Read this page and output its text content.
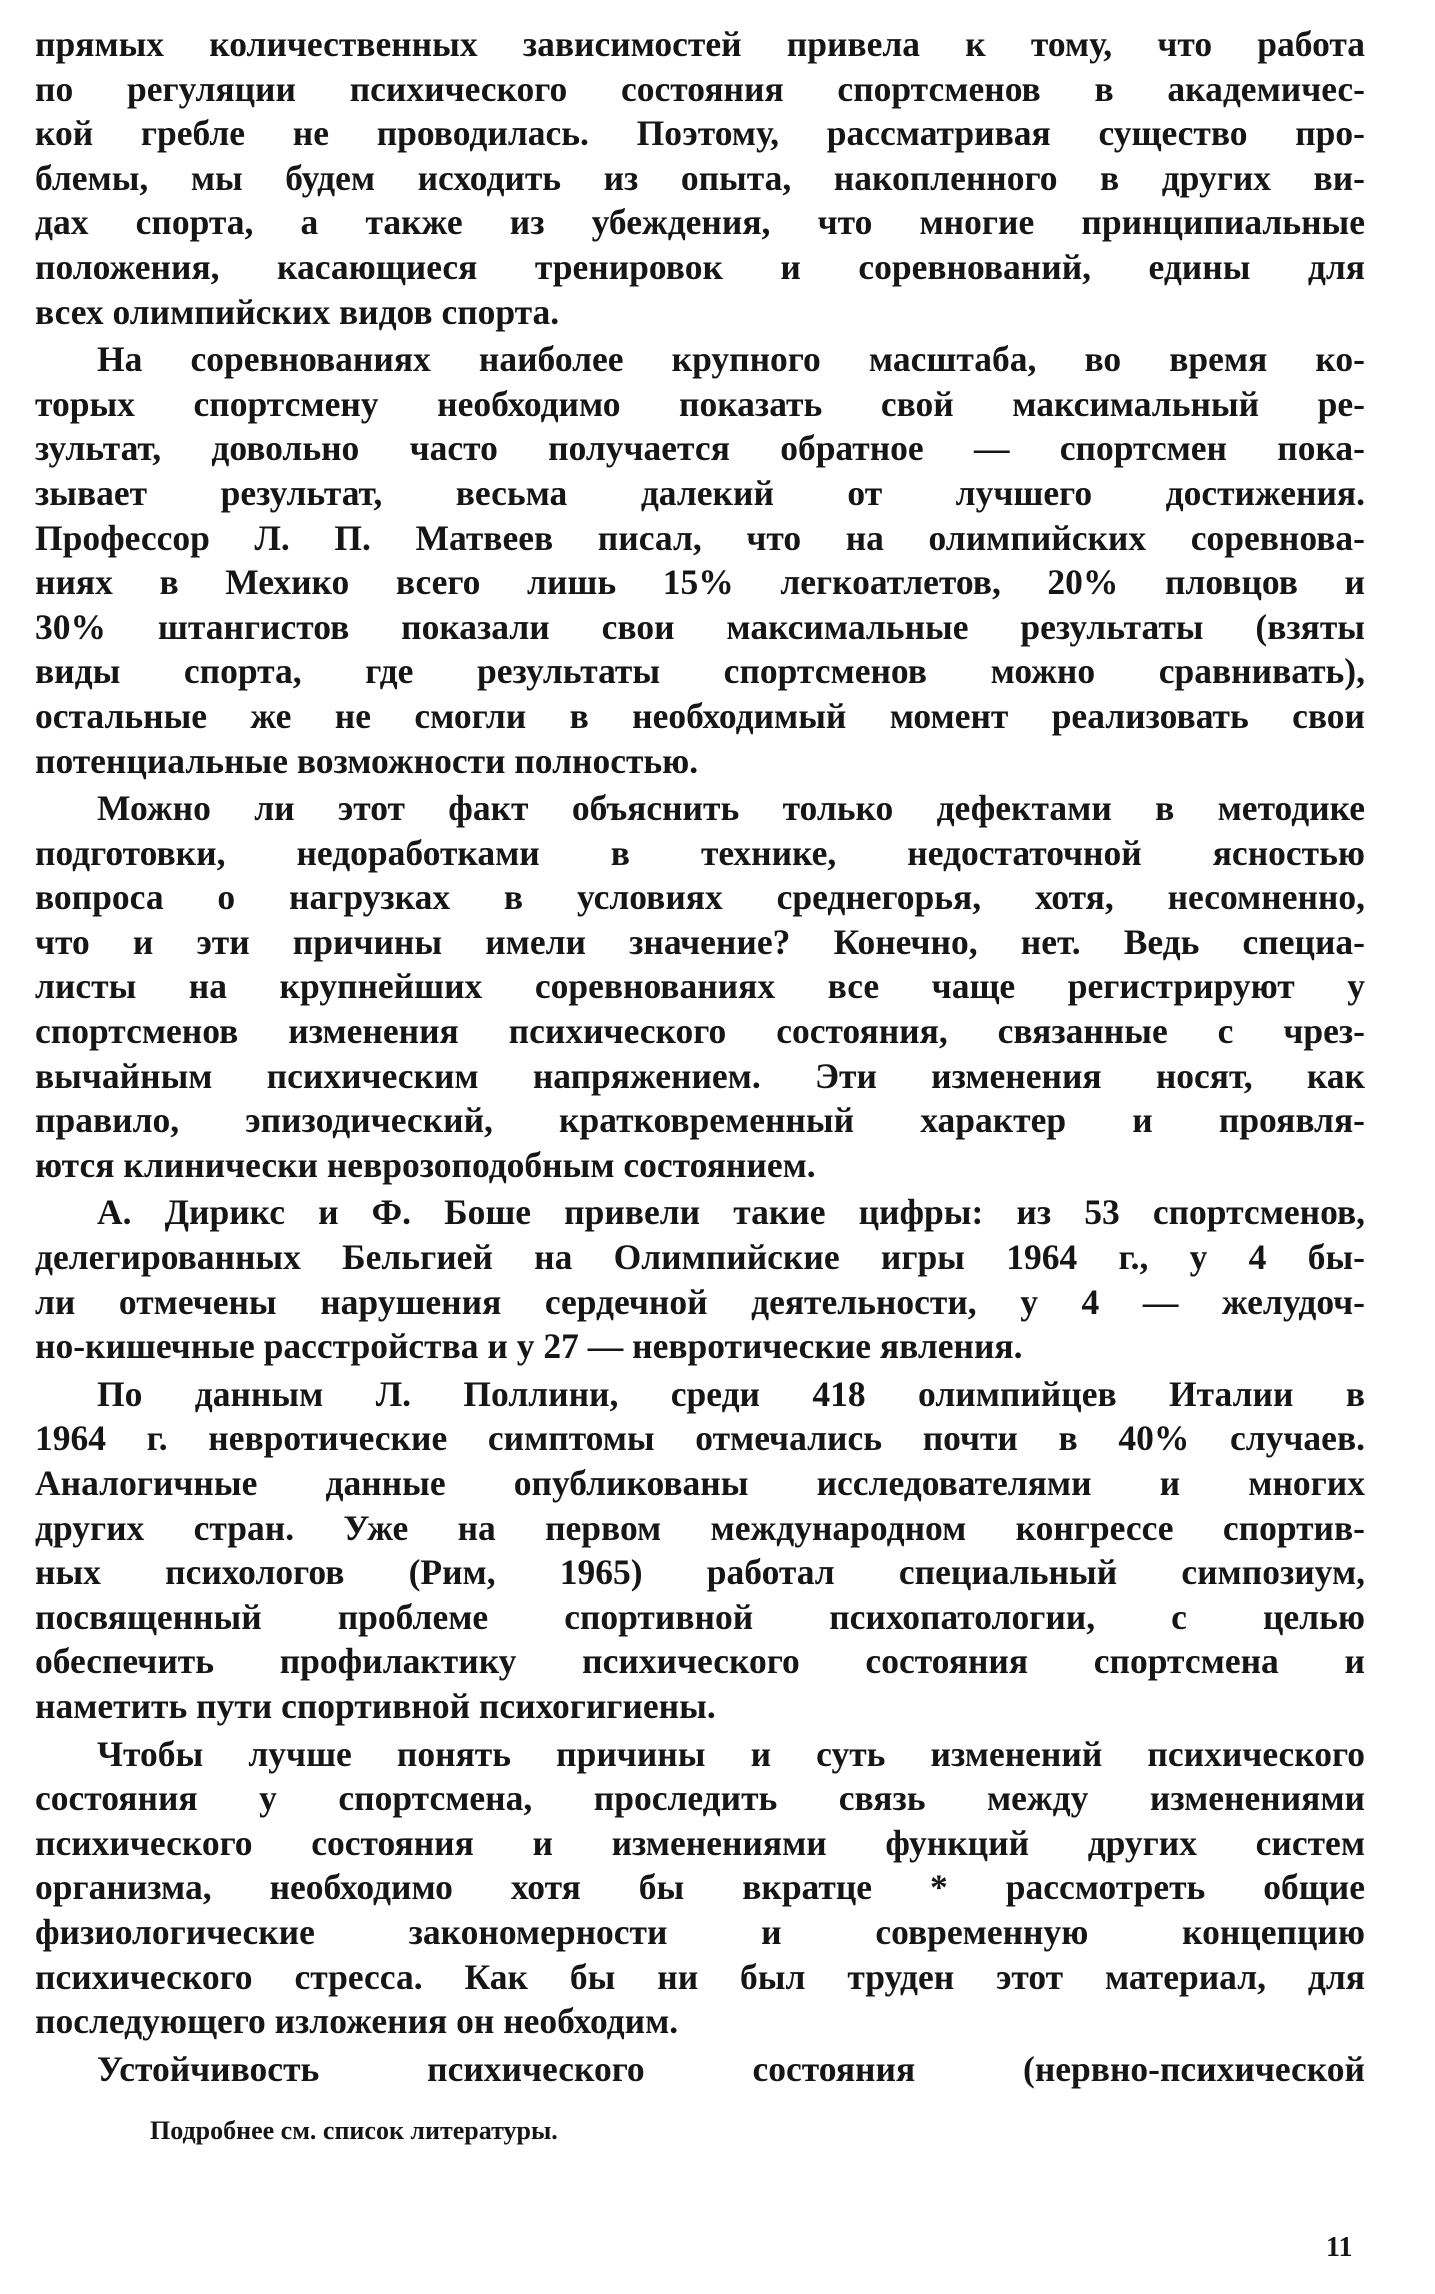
прямых количественных зависимостей привела к тому, что работа
по регуляции психического состояния спортсменов в академичес-
кой гребле не проводилась. Поэтому, рассматривая существо про-
блемы, мы будем исходить из опыта, накопленного в других ви-
дах спорта, а также из убеждения, что многие принципиальные
положения, касающиеся тренировок и соревнований, едины для
всех олимпийских видов спорта.

На соревнованиях наиболее крупного масштаба, во время ко-
торых спортсмену необходимо показать свой максимальный ре-
зультат, довольно часто получается обратное — спортсмен пока-
зывает результат, весьма далекий от лучшего достижения.
Профессор Л. П. Матвеев писал, что на олимпийских соревнова-
ниях в Мехико всего лишь 15% легкоатлетов, 20% пловцов и
30% штангистов показали свои максимальные результаты (взяты
виды спорта, где результаты спортсменов можно сравнивать),
остальные же не смогли в необходимый момент реализовать свои
потенциальные возможности полностью.

Можно ли этот факт объяснить только дефектами в методике
подготовки, недоработками в технике, недостаточной ясностью
вопроса о нагрузках в условиях среднегорья, хотя, несомненно,
что и эти причины имели значение? Конечно, нет. Ведь специа-
листы на крупнейших соревнованиях все чаще регистрируют у
спортсменов изменения психического состояния, связанные с чрез-
вычайным психическим напряжением. Эти изменения носят, как
правило, эпизодический, кратковременный характер и проявля-
ются клинически неврозоподобным состоянием.

А. Дирикс и Ф. Боше привели такие цифры: из 53 спортсменов,
делегированных Бельгией на Олимпийские игры 1964 г., у 4 бы-
ли отмечены нарушения сердечной деятельности, у 4 — желудоч-
но-кишечные расстройства и у 27 — невротические явления.

По данным Л. Поллини, среди 418 олимпийцев Италии в
1964 г. невротические симптомы отмечались почти в 40% случаев.
Аналогичные данные опубликованы исследователями и многих
других стран. Уже на первом международном конгрессе спортив-
ных психологов (Рим, 1965) работал специальный симпозиум,
посвященный проблеме спортивной психопатологии, с целью
обеспечить профилактику психического состояния спортсмена и
наметить пути спортивной психогигиены.

Чтобы лучше понять причины и суть изменений психического
состояния у спортсмена, проследить связь между изменениями
психического состояния и изменениями функций других систем
организма, необходимо хотя бы вкратце * рассмотреть общие
физиологические закономерности и современную концепцию
психического стресса. Как бы ни был труден этот материал, для
последующего изложения он необходим.

Устойчивость психического состояния (нервно-психической

Подробнее см. список литературы.
11
